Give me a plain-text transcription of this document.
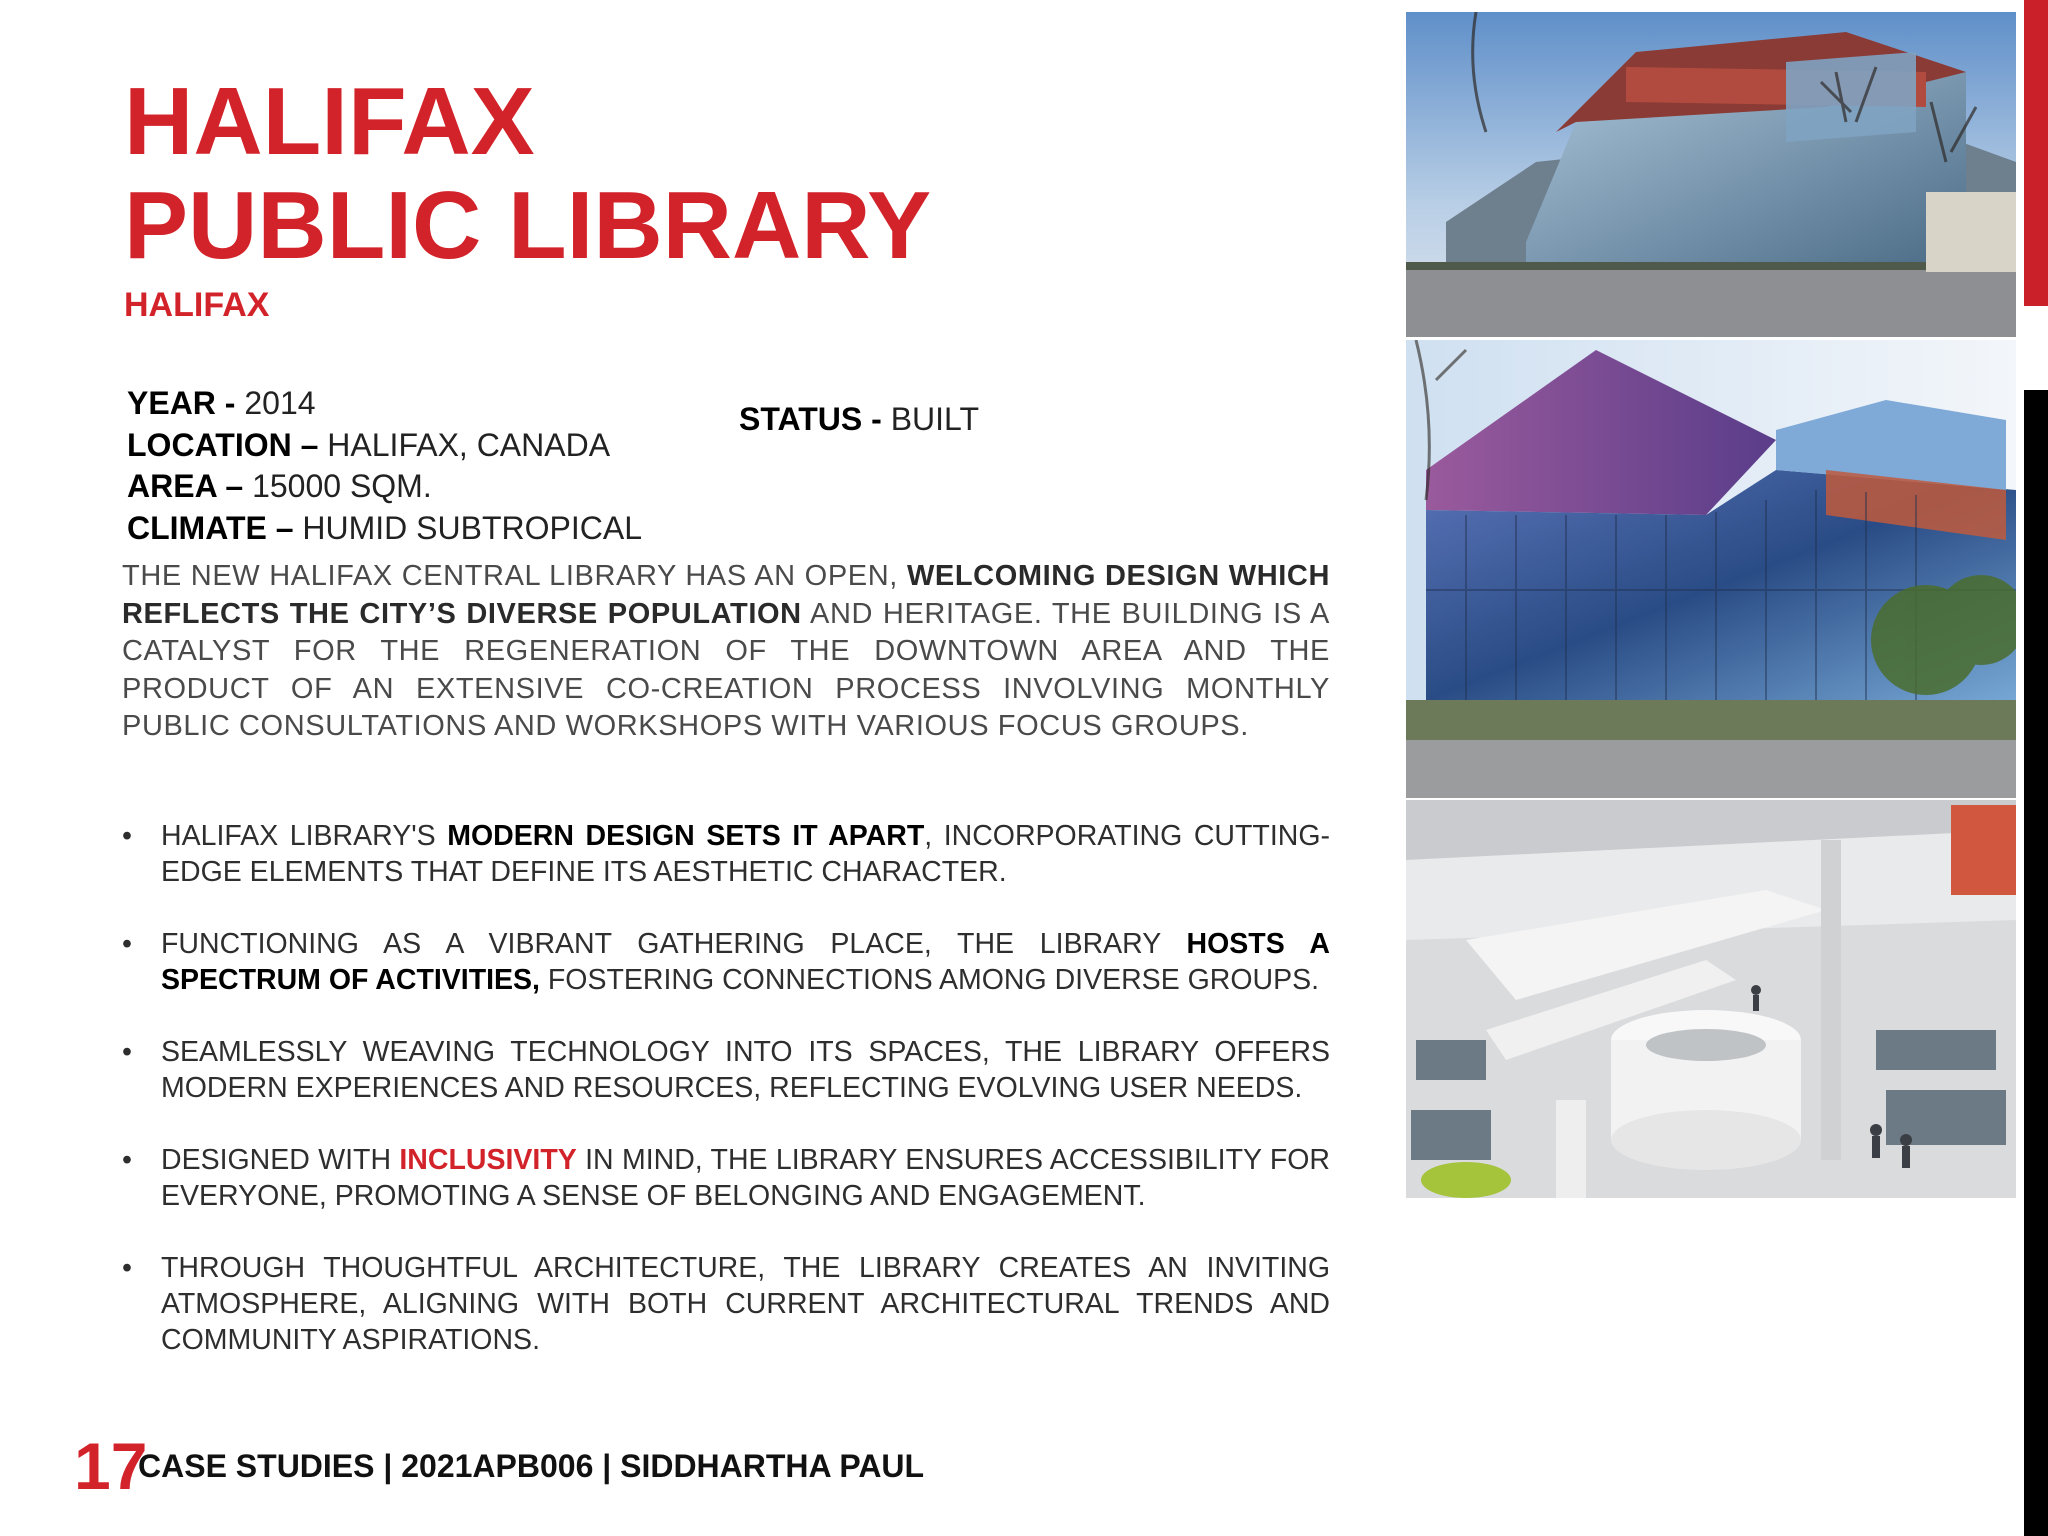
HALIFAX
PUBLIC LIBRARY
HALIFAX
YEAR - 2014
LOCATION – HALIFAX, CANADA
AREA – 15000 SQM.
CLIMATE – HUMID SUBTROPICAL
STATUS - BUILT

THE NEW HALIFAX CENTRAL LIBRARY HAS AN OPEN, WELCOMING DESIGN WHICH REFLECTS THE CITY’S DIVERSE POPULATION AND HERITAGE. THE BUILDING IS A CATALYST FOR THE REGENERATION OF THE DOWNTOWN AREA AND THE PRODUCT OF AN EXTENSIVE CO-CREATION PROCESS INVOLVING MONTHLY PUBLIC CONSULTATIONS AND WORKSHOPS WITH VARIOUS FOCUS GROUPS.

• HALIFAX LIBRARY'S MODERN DESIGN SETS IT APART, INCORPORATING CUTTING-EDGE ELEMENTS THAT DEFINE ITS AESTHETIC CHARACTER.
• FUNCTIONING AS A VIBRANT GATHERING PLACE, THE LIBRARY HOSTS A SPECTRUM OF ACTIVITIES, FOSTERING CONNECTIONS AMONG DIVERSE GROUPS.
• SEAMLESSLY WEAVING TECHNOLOGY INTO ITS SPACES, THE LIBRARY OFFERS MODERN EXPERIENCES AND RESOURCES, REFLECTING EVOLVING USER NEEDS.
• DESIGNED WITH INCLUSIVITY IN MIND, THE LIBRARY ENSURES ACCESSIBILITY FOR EVERYONE, PROMOTING A SENSE OF BELONGING AND ENGAGEMENT.
• THROUGH THOUGHTFUL ARCHITECTURE, THE LIBRARY CREATES AN INVITING ATMOSPHERE, ALIGNING WITH BOTH CURRENT ARCHITECTURAL TRENDS AND COMMUNITY ASPIRATIONS.
17
CASE STUDIES | 2021APB006 | SIDDHARTHA PAUL
